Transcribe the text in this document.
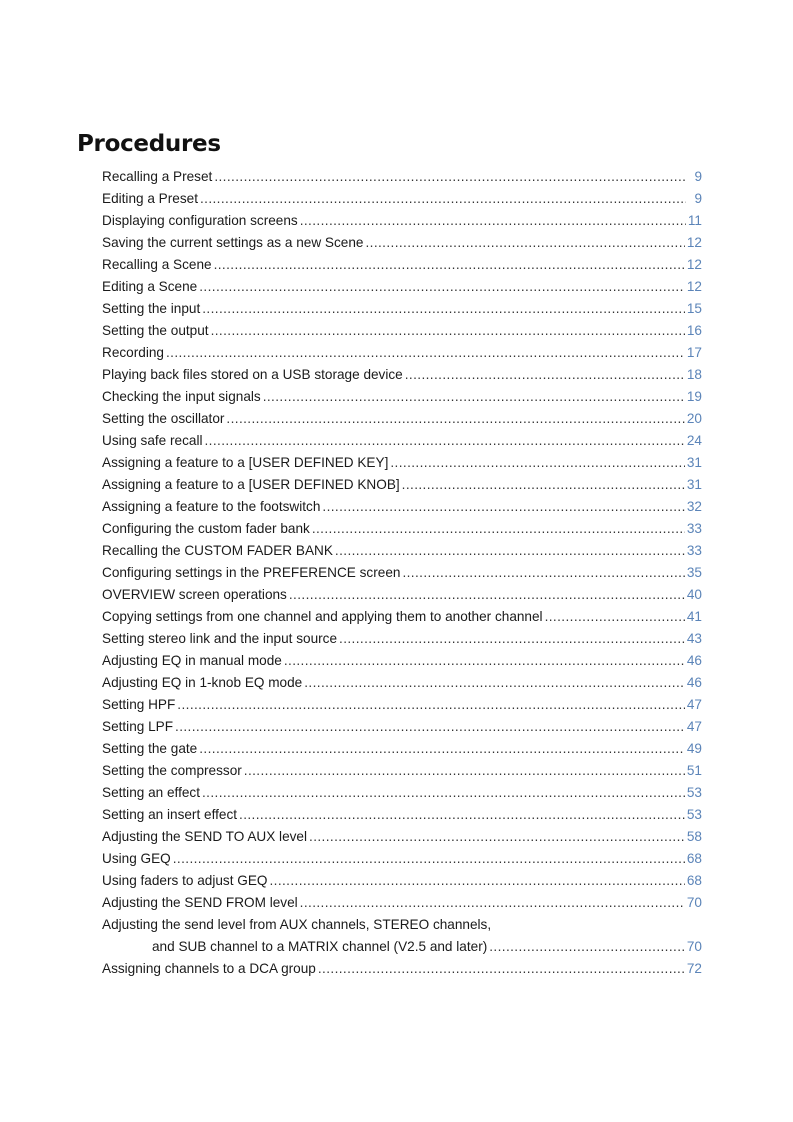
Procedures
Recalling a Preset .....	9
Editing a Preset .....	9
Displaying configuration screens .....	11
Saving the current settings as a new Scene .....	12
Recalling a Scene .....	12
Editing a Scene .....	12
Setting the input .....	15
Setting the output .....	16
Recording .....	17
Playing back files stored on a USB storage device .....	18
Checking the input signals .....	19
Setting the oscillator .....	20
Using safe recall .....	24
Assigning a feature to a [USER DEFINED KEY] .....	31
Assigning a feature to a [USER DEFINED KNOB] .....	31
Assigning a feature to the footswitch .....	32
Configuring the custom fader bank .....	33
Recalling the CUSTOM FADER BANK .....	33
Configuring settings in the PREFERENCE screen .....	35
OVERVIEW screen operations .....	40
Copying settings from one channel and applying them to another channel .....	41
Setting stereo link and the input source .....	43
Adjusting EQ in manual mode .....	46
Adjusting EQ in 1-knob EQ mode .....	46
Setting HPF .....	47
Setting LPF .....	47
Setting the gate .....	49
Setting the compressor .....	51
Setting an effect .....	53
Setting an insert effect .....	53
Adjusting the SEND TO AUX level .....	58
Using GEQ .....	68
Using faders to adjust GEQ .....	68
Adjusting the SEND FROM level .....	70
Adjusting the send level from AUX channels, STEREO channels,
and SUB channel to a MATRIX channel (V2.5 and later) .....	70
Assigning channels to a DCA group .....	72
